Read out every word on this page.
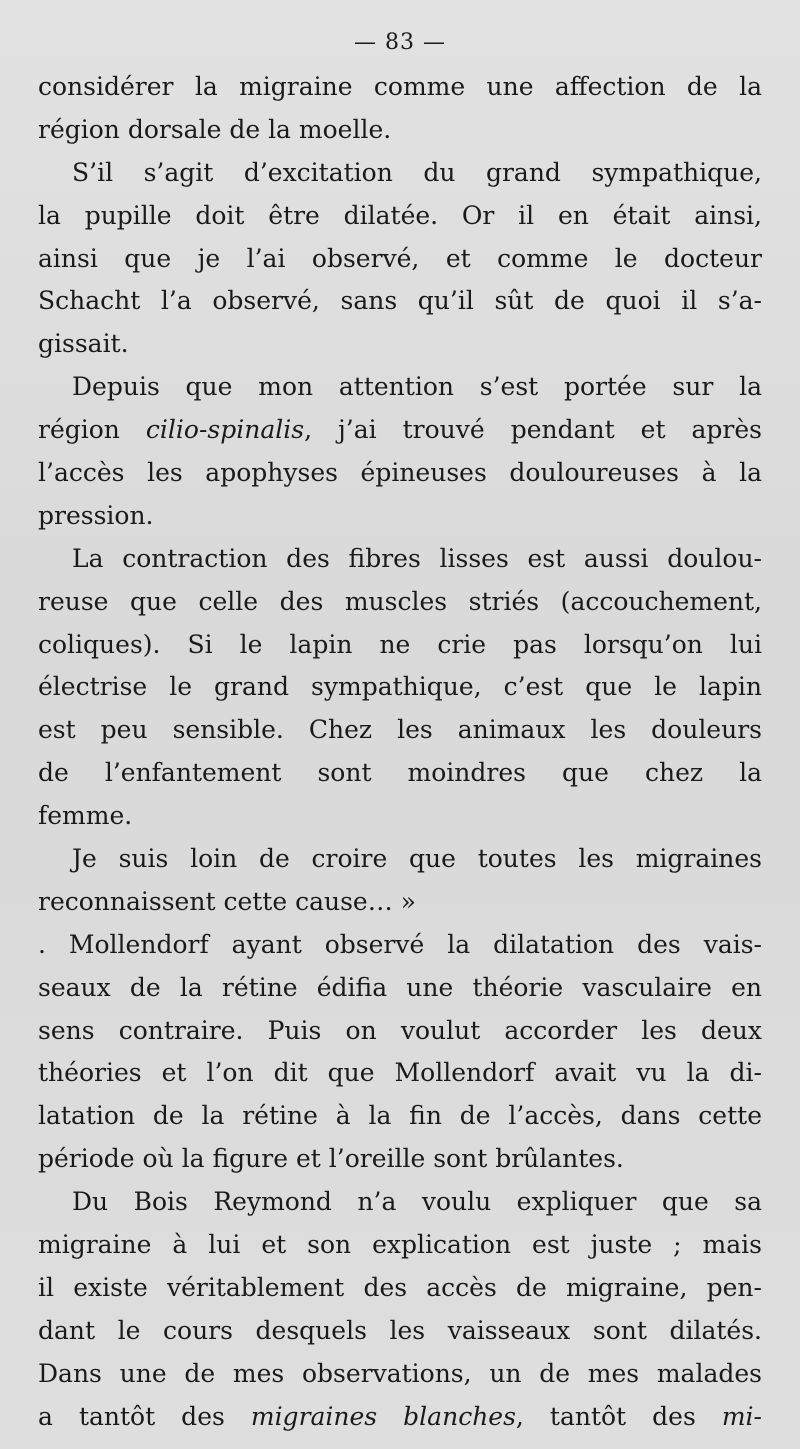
— 83 —
considérer la migraine comme une affection de la
région dorsale de la moelle.
S’il s’agit d’excitation du grand sympathique,
la pupille doit être dilatée. Or il en était ainsi,
ainsi que je l’ai observé, et comme le docteur
Schacht l’a observé, sans qu’il sût de quoi il s’a-
gissait.
Depuis que mon attention s’est portée sur la
région cilio-spinalis, j’ai trouvé pendant et après
l’accès les apophyses épineuses douloureuses à la
pression.
La contraction des fibres lisses est aussi doulou-
reuse que celle des muscles striés (accouchement,
coliques). Si le lapin ne crie pas lorsqu’on lui
électrise le grand sympathique, c’est que le lapin
est peu sensible. Chez les animaux les douleurs
de l’enfantement sont moindres que chez la
femme.
Je suis loin de croire que toutes les migraines
reconnaissent cette cause… »
. Mollendorf ayant observé la dilatation des vais-
seaux de la rétine édifia une théorie vasculaire en
sens contraire. Puis on voulut accorder les deux
théories et l’on dit que Mollendorf avait vu la di-
latation de la rétine à la fin de l’accès, dans cette
période où la figure et l’oreille sont brûlantes.
Du Bois Reymond n’a voulu expliquer que sa
migraine à lui et son explication est juste ; mais
il existe véritablement des accès de migraine, pen-
dant le cours desquels les vaisseaux sont dilatés.
Dans une de mes observations, un de mes malades
a tantôt des migraines blanches, tantôt des mi-
